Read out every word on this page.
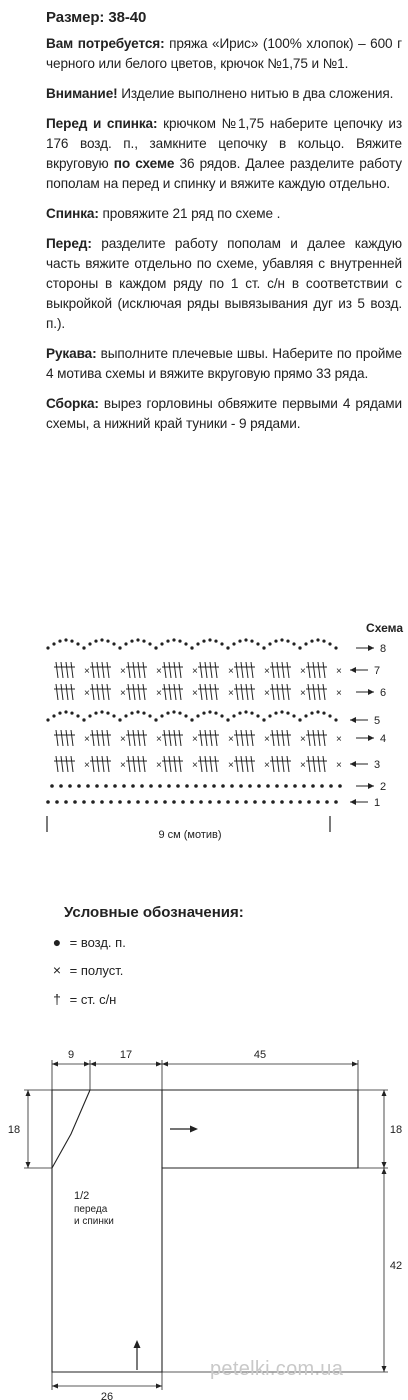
Размер: 38-40

Вам потребуется: пряжа «Ирис» (100% хлопок) – 600 г черного или белого цветов, крючок №1,75 и №1.

Внимание! Изделие выполнено нитью в два сложения.

Перед и спинка: крючком №1,75 наберите цепочку из 176 возд. п., замкните цепочку в кольцо. Вяжите вкруговую по схеме 36 рядов. Далее разделите работу пополам на перед и спинку и вяжите каждую отдельно.

Спинка: провяжите 21 ряд по схеме .

Перед: разделите работу пополам и далее каждую часть вяжите отдельно по схеме, убавляя с внутренней стороны в каждом ряду по 1 ст. с/н в соответствии с выкройкой (исключая ряды вывязывания дуг из 5 возд. п.).

Рукава: выполните плечевые швы. Наберите по пройме 4 мотива схемы и вяжите вкруговую прямо 33 ряда.

Сборка: вырез горловины обвяжите первыми 4 рядами схемы, а нижний край туники - 9 рядами.

Схема
×	×	×	×	×	×	×	×
×	×	×	×	×	×	×	×
×	×	×	×	×	×	×	×
×	×	×	×	×	×	×	×
1
2
3
4
5
6
7
8
9 см (мотив)
Условные обозначения:
● = возд. п.
× = полуст.
† = ст. с/н
9	17	45
18	18
42
26
1/2
переда
и спинки
petelki.com.ua
